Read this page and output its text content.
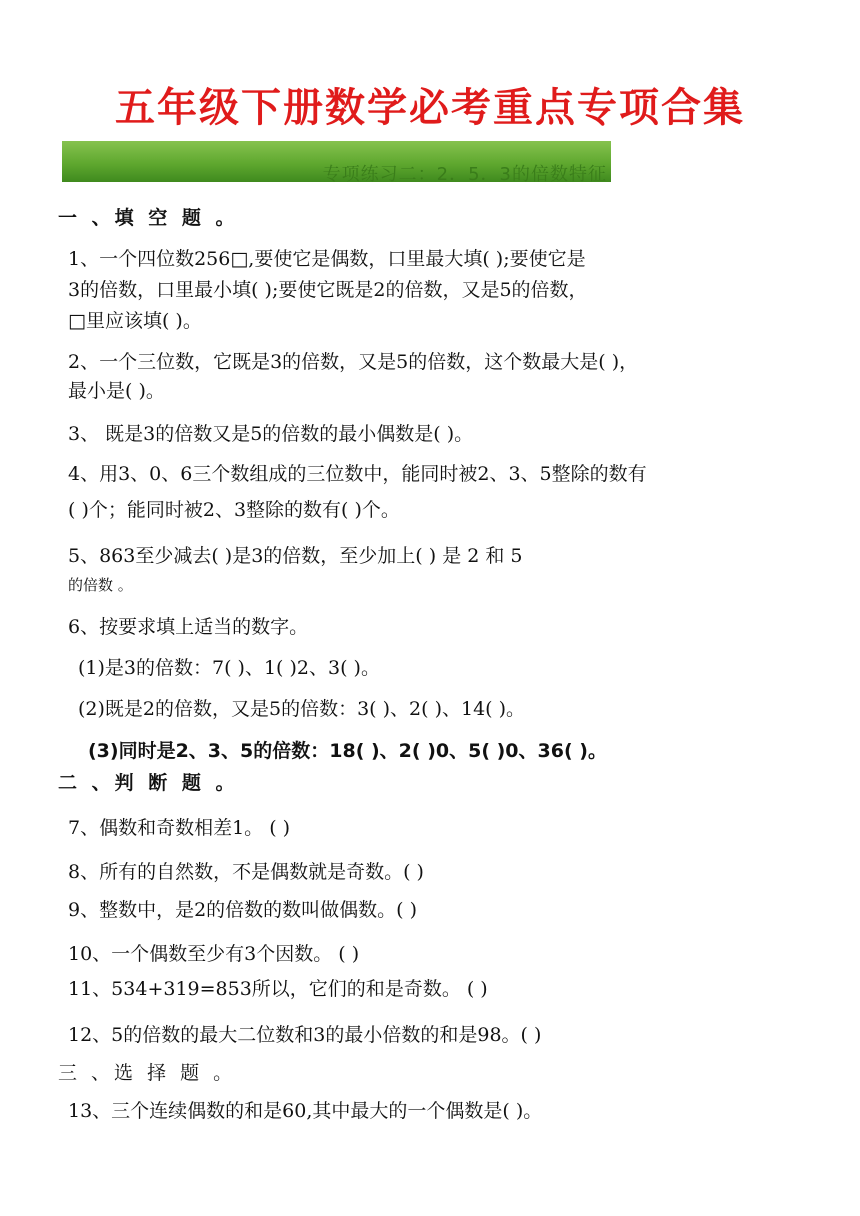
五年级下册数学必考重点专项合集
专项练习二：2．5．3的倍数特征
一 、填 空 题 。
1、一个四位数256□,要使它是偶数，口里最大填( );要使它是
3的倍数，口里最小填( );要使它既是2的倍数，又是5的倍数，
□里应该填( )。
2、一个三位数，它既是3的倍数，又是5的倍数，这个数最大是( )，
最小是( )。
3、 既是3的倍数又是5的倍数的最小偶数是( )。
4、用3、0、6三个数组成的三位数中，能同时被2、3、5整除的数有
( )个；能同时被2、3整除的数有( )个。
5、863至少减去( )是3的倍数，至少加上( ) 是 2 和 5
的倍数 。
6、按要求填上适当的数字。
(1)是3的倍数：7( )、1( )2、3( )。
(2)既是2的倍数，又是5的倍数：3( )、2( )、14( )。
(3)同时是2、3、5的倍数：18( )、2( )0、5( )0、36( )。
二 、判 断 题 。
7、偶数和奇数相差1。 ( )
8、所有的自然数，不是偶数就是奇数。( )
9、整数中，是2的倍数的数叫做偶数。( )
10、一个偶数至少有3个因数。 ( )
11、534+319=853所以，它们的和是奇数。 ( )
12、5的倍数的最大二位数和3的最小倍数的和是98。( )
三 、选 择 题 。
13、三个连续偶数的和是60,其中最大的一个偶数是( )。
